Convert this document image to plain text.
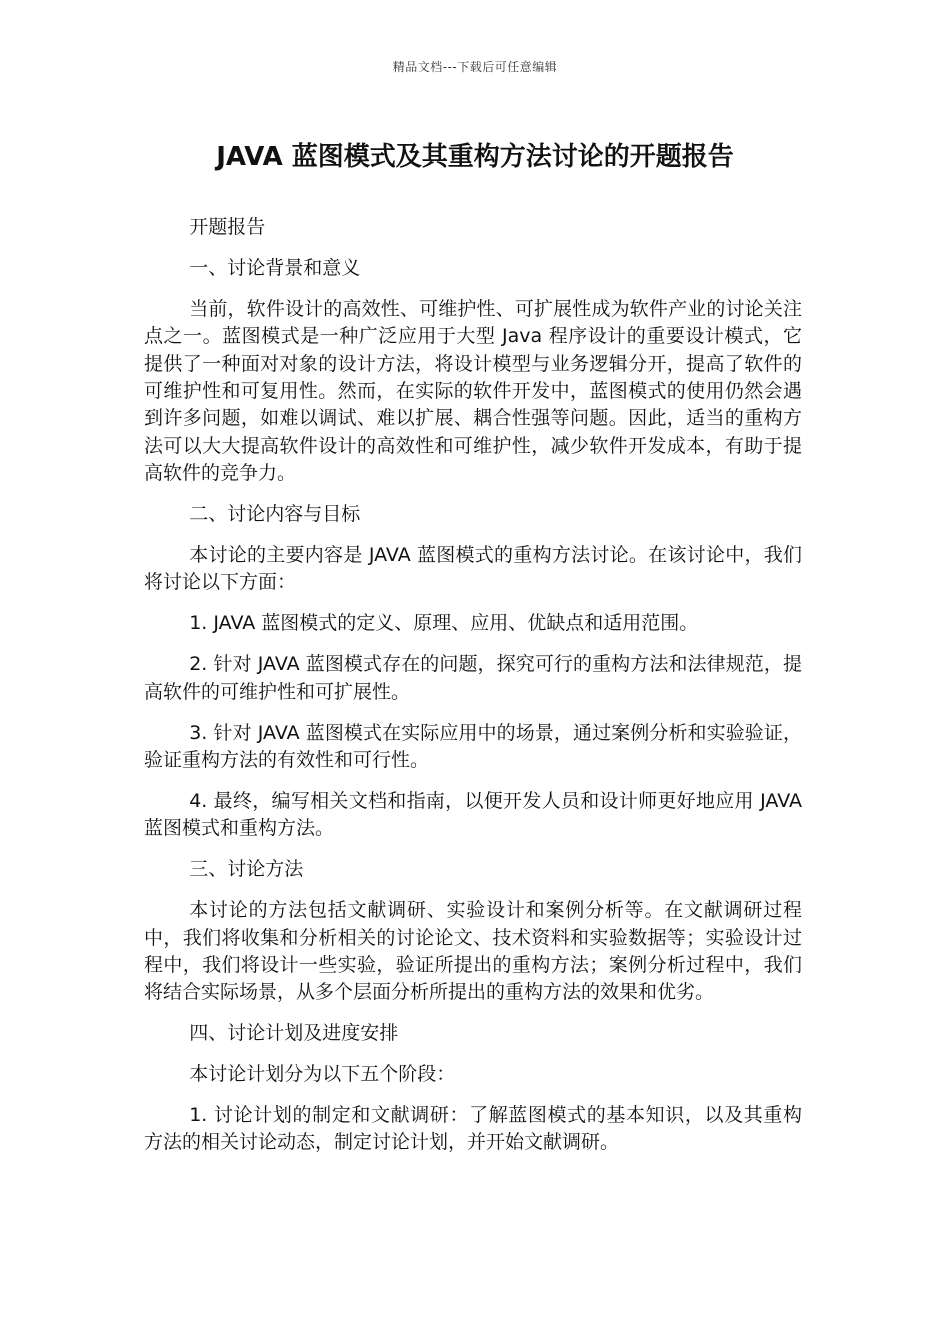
精品文档---下载后可任意编辑
JAVA 蓝图模式及其重构方法讨论的开题报告

开题报告

一、讨论背景和意义

当前，软件设计的高效性、可维护性、可扩展性成为软件产业的讨论关注点之一。蓝图模式是一种广泛应用于大型 Java 程序设计的重要设计模式，它提供了一种面对对象的设计方法，将设计模型与业务逻辑分开，提高了软件的可维护性和可复用性。然而，在实际的软件开发中，蓝图模式的使用仍然会遇到许多问题，如难以调试、难以扩展、耦合性强等问题。因此，适当的重构方法可以大大提高软件设计的高效性和可维护性，减少软件开发成本，有助于提高软件的竞争力。

二、讨论内容与目标

本讨论的主要内容是 JAVA 蓝图模式的重构方法讨论。在该讨论中，我们将讨论以下方面：

1. JAVA 蓝图模式的定义、原理、应用、优缺点和适用范围。

2. 针对 JAVA 蓝图模式存在的问题，探究可行的重构方法和法律规范，提高软件的可维护性和可扩展性。

3. 针对 JAVA 蓝图模式在实际应用中的场景，通过案例分析和实验验证，验证重构方法的有效性和可行性。

4. 最终，编写相关文档和指南，以便开发人员和设计师更好地应用 JAVA 蓝图模式和重构方法。

三、讨论方法

本讨论的方法包括文献调研、实验设计和案例分析等。在文献调研过程中，我们将收集和分析相关的讨论论文、技术资料和实验数据等；实验设计过程中，我们将设计一些实验，验证所提出的重构方法；案例分析过程中，我们将结合实际场景，从多个层面分析所提出的重构方法的效果和优劣。

四、讨论计划及进度安排

本讨论计划分为以下五个阶段：

1. 讨论计划的制定和文献调研：了解蓝图模式的基本知识，以及其重构方法的相关讨论动态，制定讨论计划，并开始文献调研。
